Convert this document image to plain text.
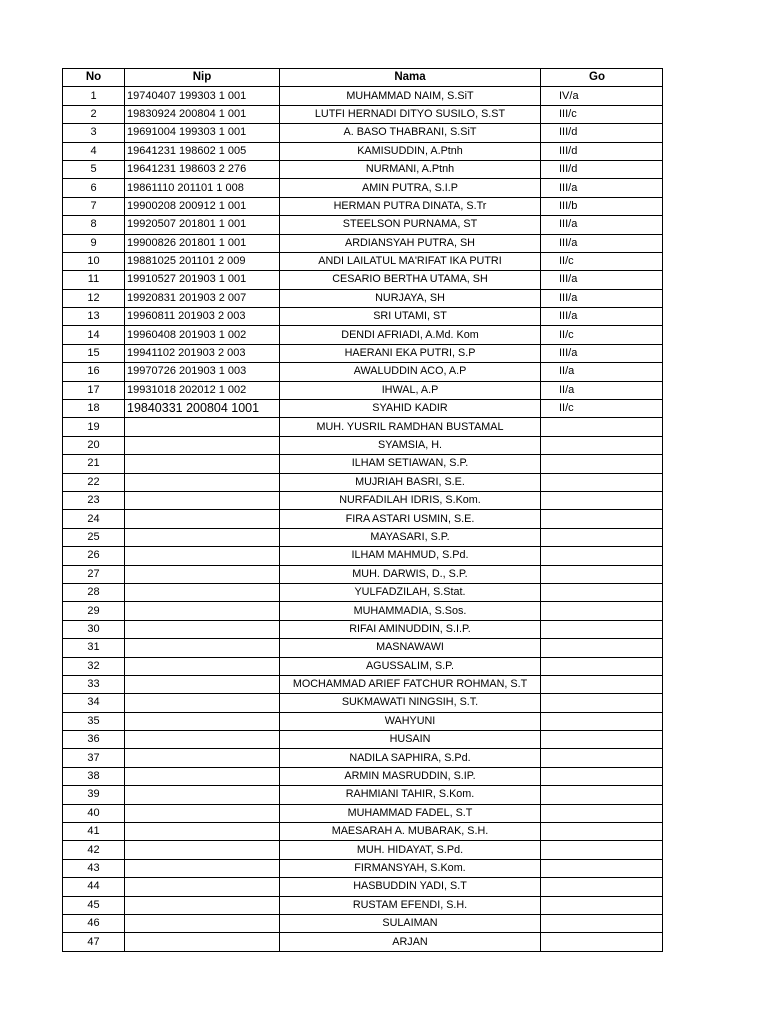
No	Nip	Nama	Go
1	19740407 199303 1 001	MUHAMMAD NAIM, S.SiT	IV/a
2	19830924 200804 1 001	LUTFI HERNADI DITYO SUSILO, S.ST	III/c
3	19691004 199303 1 001	A. BASO THABRANI, S.SiT	III/d
4	19641231 198602 1 005	KAMISUDDIN, A.Ptnh	III/d
5	19641231 198603 2 276	NURMANI, A.Ptnh	III/d
6	19861110 201101 1 008	AMIN PUTRA, S.I.P	III/a
7	19900208 200912 1 001	HERMAN PUTRA DINATA, S.Tr	III/b
8	19920507 201801 1 001	STEELSON PURNAMA, ST	III/a
9	19900826 201801 1 001	ARDIANSYAH PUTRA, SH	III/a
10	19881025 201101 2 009	ANDI LAILATUL MA'RIFAT IKA PUTRI	II/c
11	19910527 201903 1 001	CESARIO BERTHA UTAMA, SH	III/a
12	19920831 201903 2 007	NURJAYA, SH	III/a
13	19960811 201903 2 003	SRI UTAMI, ST	III/a
14	19960408 201903 1 002	DENDI AFRIADI, A.Md. Kom	II/c
15	19941102 201903 2 003	HAERANI EKA PUTRI, S.P	III/a
16	19970726 201903 1 003	AWALUDDIN ACO, A.P	II/a
17	19931018 202012 1 002	IHWAL, A.P	II/a
18	19840331 200804 1001	SYAHID KADIR	II/c
19		MUH. YUSRIL RAMDHAN BUSTAMAL	
20		SYAMSIA, H.	
21		ILHAM SETIAWAN, S.P.	
22		MUJRIAH BASRI, S.E.	
23		NURFADILAH IDRIS, S.Kom.	
24		FIRA ASTARI USMIN, S.E.	
25		MAYASARI, S.P.	
26		ILHAM MAHMUD, S.Pd.	
27		MUH. DARWIS, D., S.P.	
28		YULFADZILAH, S.Stat.	
29		MUHAMMADIA, S.Sos.	
30		RIFAI AMINUDDIN, S.I.P.	
31		MASNAWAWI	
32		AGUSSALIM, S.P.	
33		MOCHAMMAD ARIEF FATCHUR ROHMAN, S.T	
34		SUKMAWATI NINGSIH, S.T.	
35		WAHYUNI	
36		HUSAIN	
37		NADILA SAPHIRA, S.Pd.	
38		ARMIN MASRUDDIN, S.IP.	
39		RAHMIANI TAHIR, S.Kom.	
40		MUHAMMAD FADEL, S.T	
41		MAESARAH A. MUBARAK, S.H.	
42		MUH. HIDAYAT, S.Pd.	
43		FIRMANSYAH, S.Kom.	
44		HASBUDDIN YADI, S.T	
45		RUSTAM EFENDI, S.H.	
46		SULAIMAN	
47		ARJAN	
